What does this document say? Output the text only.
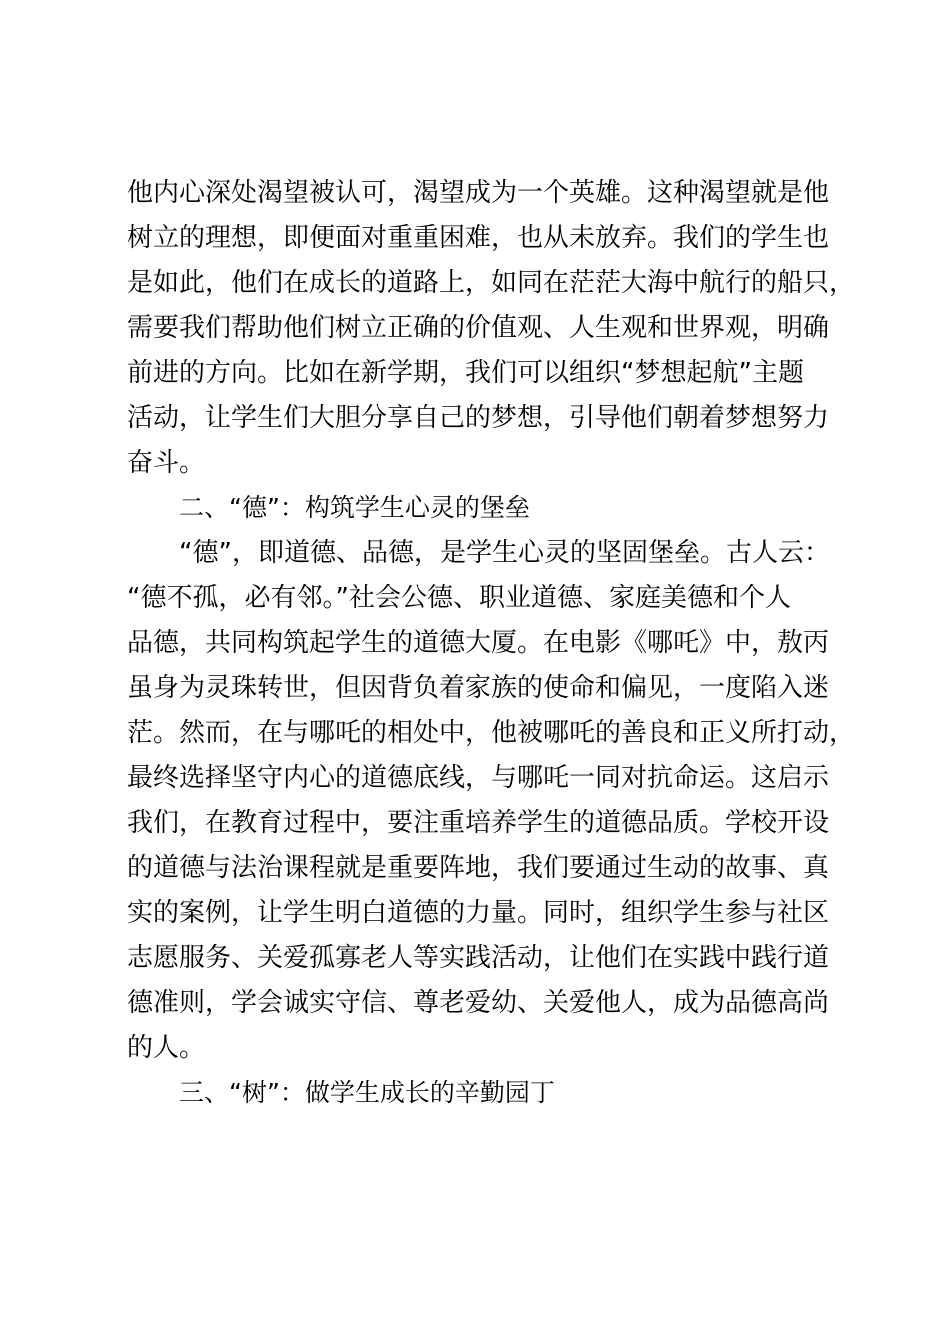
他内心深处渴望被认可，渴望成为一个英雄。这种渴望就是他
树立的理想，即便面对重重困难，也从未放弃。我们的学生也
是如此，他们在成长的道路上，如同在茫茫大海中航行的船只，
需要我们帮助他们树立正确的价值观、人生观和世界观，明确
前进的方向。比如在新学期，我们可以组织“梦想起航”主题
活动，让学生们大胆分享自己的梦想，引导他们朝着梦想努力
奋斗。
二、“德”：构筑学生心灵的堡垒
“德”，即道德、品德，是学生心灵的坚固堡垒。古人云：
“德不孤，必有邻。”社会公德、职业道德、家庭美德和个人
品德，共同构筑起学生的道德大厦。在电影《哪吒》中，敖丙
虽身为灵珠转世，但因背负着家族的使命和偏见，一度陷入迷
茫。然而，在与哪吒的相处中，他被哪吒的善良和正义所打动，
最终选择坚守内心的道德底线，与哪吒一同对抗命运。这启示
我们，在教育过程中，要注重培养学生的道德品质。学校开设
的道德与法治课程就是重要阵地，我们要通过生动的故事、真
实的案例，让学生明白道德的力量。同时，组织学生参与社区
志愿服务、关爱孤寡老人等实践活动，让他们在实践中践行道
德准则，学会诚实守信、尊老爱幼、关爱他人，成为品德高尚
的人。
三、“树”：做学生成长的辛勤园丁
